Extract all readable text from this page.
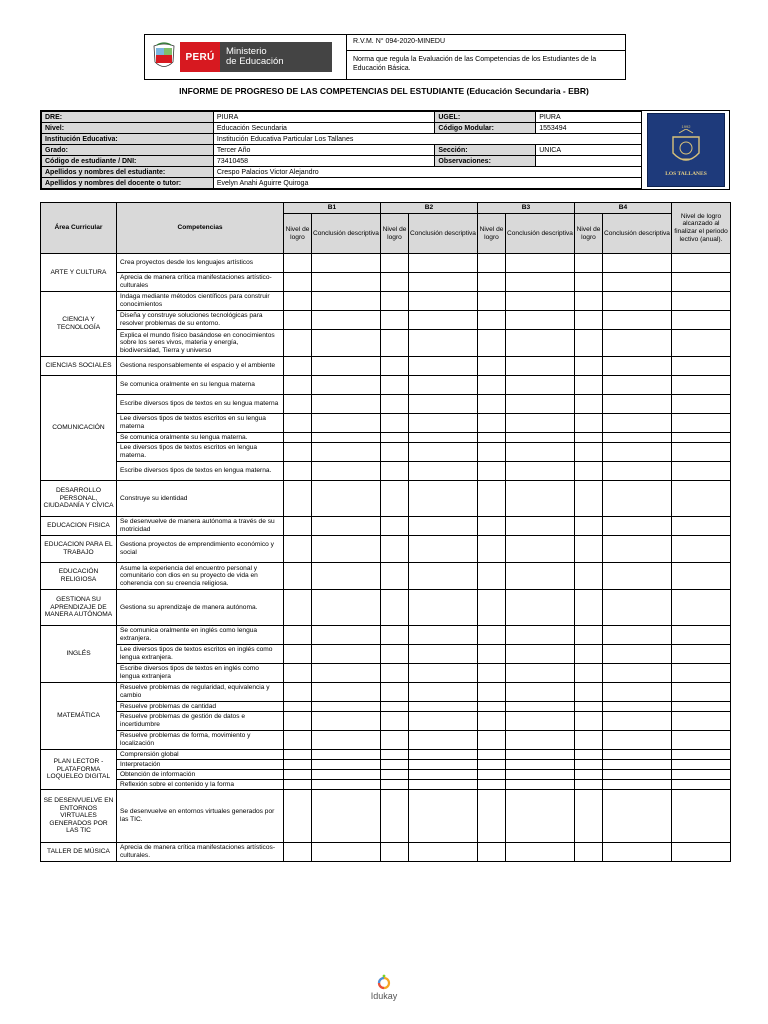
PERÚ	Ministerio
de Educación
R.V.M. N° 094-2020-MINEDU
Norma que regula la Evaluación de las Competencias de los Estudiantes de la Educación Básica.
INFORME DE PROGRESO DE LAS COMPETENCIAS DEL ESTUDIANTE (Educación Secundaria - EBR)
DRE:	PIURA	UGEL:	PIURA
Nivel:	Educación Secundaria	Código Modular:	1553494
Institución Educativa:	Institución Educativa Particular Los Tallanes		
Grado:	Tercer Año	Sección:	UNICA
Código de estudiante / DNI:	73410458	Observaciones:	
Apellidos y nombres del estudiante:	Crespo Palacios Victor Alejandro		
Apellidos y nombres del docente o tutor:	Evelyn Anahi Aguirre Quiroga		
1992
LOS TALLANES
Área Curricular	Competencias	B1		B2		B3		B4		Nivel de logro alcanzado al finalizar el periodo lectivo (anual).
		Nivel de logro	Conclusión descriptiva	Nivel de logro	Conclusión descriptiva	Nivel de logro	Conclusión descriptiva	Nivel de logro	Conclusión descriptiva	
ARTE Y CULTURA	Crea proyectos desde los lenguajes artísticos									
	Aprecia de manera crítica manifestaciones artístico-culturales									
CIENCIA Y TECNOLOGÍA	Indaga mediante métodos científicos para construir conocimientos									
	Diseña y construye soluciones tecnológicas para resolver problemas de su entorno.									
	Explica el mundo físico basándose en conocimientos sobre los seres vivos, materia y energía, biodiversidad, Tierra y universo									
CIENCIAS SOCIALES	Gestiona responsablemente el espacio y el ambiente									
COMUNICACIÓN	Se comunica oralmente en su lengua materna									
	Escribe diversos tipos de textos en su lengua materna									
	Lee diversos tipos de textos escritos en su lengua materna									
	Se comunica oralmente su lengua materna.									
	Lee diversos tipos de textos escritos en lengua materna.									
	Escribe diversos tipos de textos en lengua materna.									
DESARROLLO PERSONAL, CIUDADANÍA Y CÍVICA	Construye su identidad									
EDUCACION FISICA	Se desenvuelve de manera autónoma a través de su motricidad									
EDUCACION PARA EL TRABAJO	Gestiona proyectos de emprendimiento económico y social									
EDUCACIÓN RELIGIOSA	Asume la experiencia del encuentro personal y comunitario con dios en su proyecto de vida en coherencia con su creencia religiosa.									
GESTIONA SU APRENDIZAJE DE MANERA AUTÓNOMA	Gestiona su aprendizaje de manera autónoma.									
INGLÉS	Se comunica oralmente en inglés como lengua extranjera.									
	Lee diversos tipos de textos escritos en inglés como lengua extranjera.									
	Escribe diversos tipos de textos en inglés como lengua extranjera									
MATEMÁTICA	Resuelve problemas de regularidad, equivalencia y cambio									
	Resuelve problemas de cantidad									
	Resuelve problemas de gestión de datos e incertidumbre									
	Resuelve problemas de forma, movimiento y localización									
PLAN LECTOR - PLATAFORMA LOQUELEO DIGITAL	Comprensión global									
	Interpretación									
	Obtención de información									
	Reflexión sobre el contenido y la forma									
SE DESENVUELVE EN ENTORNOS VIRTUALES GENERADOS POR LAS TIC	Se desenvuelve en entornos virtuales generados por las TIC.									
TALLER DE MÚSICA	Aprecia de manera crítica manifestaciones artísticos-culturales.									
Idukay
